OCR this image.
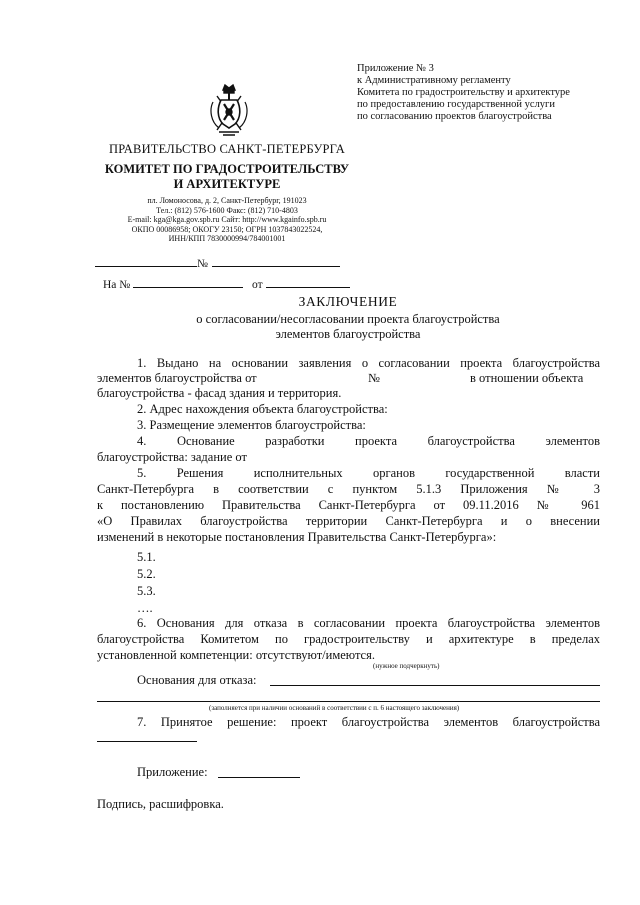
Приложение № 3
к Административному регламенту
Комитета по градостроительству и архитектуре
по предоставлению государственной услуги
по согласованию проектов благоустройства
ПРАВИТЕЛЬСТВО САНКТ-ПЕТЕРБУРГА
КОМИТЕТ ПО ГРАДОСТРОИТЕЛЬСТВУ
И АРХИТЕКТУРЕ
пл. Ломоносова, д. 2, Санкт-Петербург, 191023
Тел.: (812) 576-1600 Факс: (812) 710-4803
E-mail: kga@kga.gov.spb.ru Сайт: http://www.kgainfo.spb.ru
ОКПО 00086958; ОКОГУ 23150; ОГРН 1037843022524,
ИНН/КПП 7830000994/784001001
№
На №	от
ЗАКЛЮЧЕНИЕ
о согласовании/несогласовании проекта благоустройства
элементов благоустройства
1. Выдано на основании заявления о согласовании проекта благоустройства
элементов благоустройства от	№	в отношении объекта
благоустройства - фасад здания и территория.
2. Адрес нахождения объекта благоустройства:
3. Размещение элементов благоустройства:
4. Основание разработки проекта благоустройства элементов
благоустройства: задание от
5. Решения исполнительных органов государственной власти
Санкт-Петербурга в соответствии с пунктом 5.1.3 Приложения № 3
к постановлению Правительства Санкт-Петербурга от 09.11.2016 № 961
«О Правилах благоустройства территории Санкт-Петербурга и о внесении
изменений в некоторые постановления Правительства Санкт-Петербурга»:
5.1.
5.2.
5.3.
….
6. Основания для отказа в согласовании проекта благоустройства элементов
благоустройства Комитетом по градостроительству и архитектуре в пределах
установленной компетенции: отсутствуют/имеются.
(нужное подчеркнуть)
Основания для отказа:
(заполняется при наличии оснований в соответствии с п. 6 настоящего заключения)
7. Принятое решение: проект благоустройства элементов благоустройства
Приложение:
Подпись, расшифровка.
